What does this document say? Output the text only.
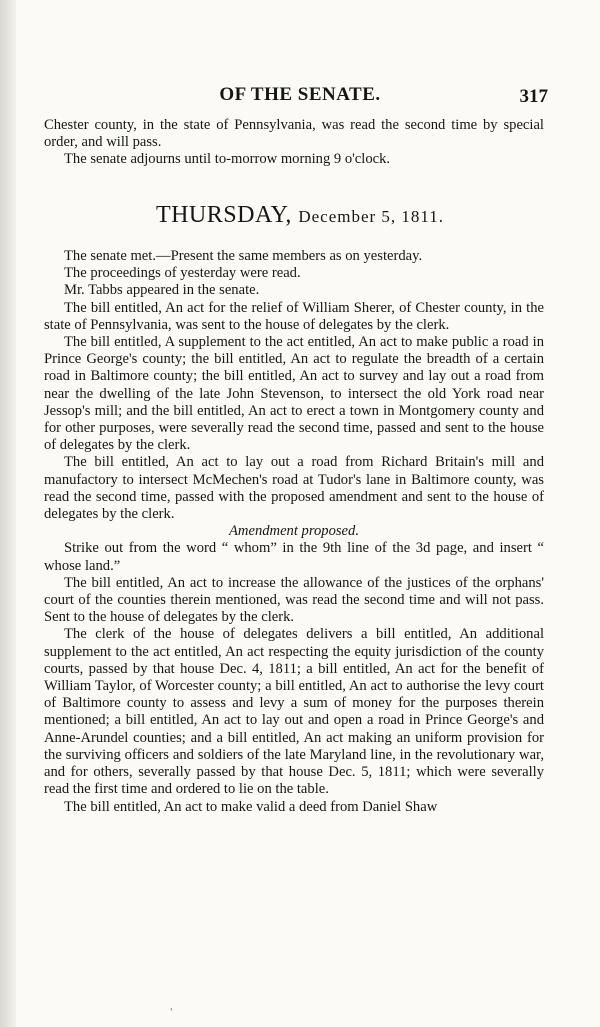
OF THE SENATE.	317

Chester county, in the state of Pennsylvania, was read the second time by special order, and will pass.

The senate adjourns until to-morrow morning 9 o'clock.

THURSDAY, December 5, 1811.

The senate met.—Present the same members as on yesterday.

The proceedings of yesterday were read.

Mr. Tabbs appeared in the senate.

The bill entitled, An act for the relief of William Sherer, of Chester county, in the state of Pennsylvania, was sent to the house of delegates by the clerk.

The bill entitled, A supplement to the act entitled, An act to make public a road in Prince George's county; the bill entitled, An act to regulate the breadth of a certain road in Baltimore county; the bill entitled, An act to survey and lay out a road from near the dwelling of the late John Stevenson, to intersect the old York road near Jessop's mill; and the bill entitled, An act to erect a town in Montgomery county and for other purposes, were severally read the second time, passed and sent to the house of delegates by the clerk.

The bill entitled, An act to lay out a road from Richard Britain's mill and manufactory to intersect McMechen's road at Tudor's lane in Baltimore county, was read the second time, passed with the proposed amendment and sent to the house of delegates by the clerk.

Amendment proposed.

Strike out from the word “ whom” in the 9th line of the 3d page, and insert “ whose land.”

The bill entitled, An act to increase the allowance of the justices of the orphans' court of the counties therein mentioned, was read the second time and will not pass. Sent to the house of delegates by the clerk.

The clerk of the house of delegates delivers a bill entitled, An additional supplement to the act entitled, An act respecting the equity jurisdiction of the county courts, passed by that house Dec. 4, 1811; a bill entitled, An act for the benefit of William Taylor, of Worcester county; a bill entitled, An act to authorise the levy court of Baltimore county to assess and levy a sum of money for the purposes therein mentioned; a bill entitled, An act to lay out and open a road in Prince George's and Anne-Arundel counties; and a bill entitled, An act making an uniform provision for the surviving officers and soldiers of the late Maryland line, in the revolutionary war, and for others, severally passed by that house Dec. 5, 1811; which were severally read the first time and ordered to lie on the table.

The bill entitled, An act to make valid a deed from Daniel Shaw

'
